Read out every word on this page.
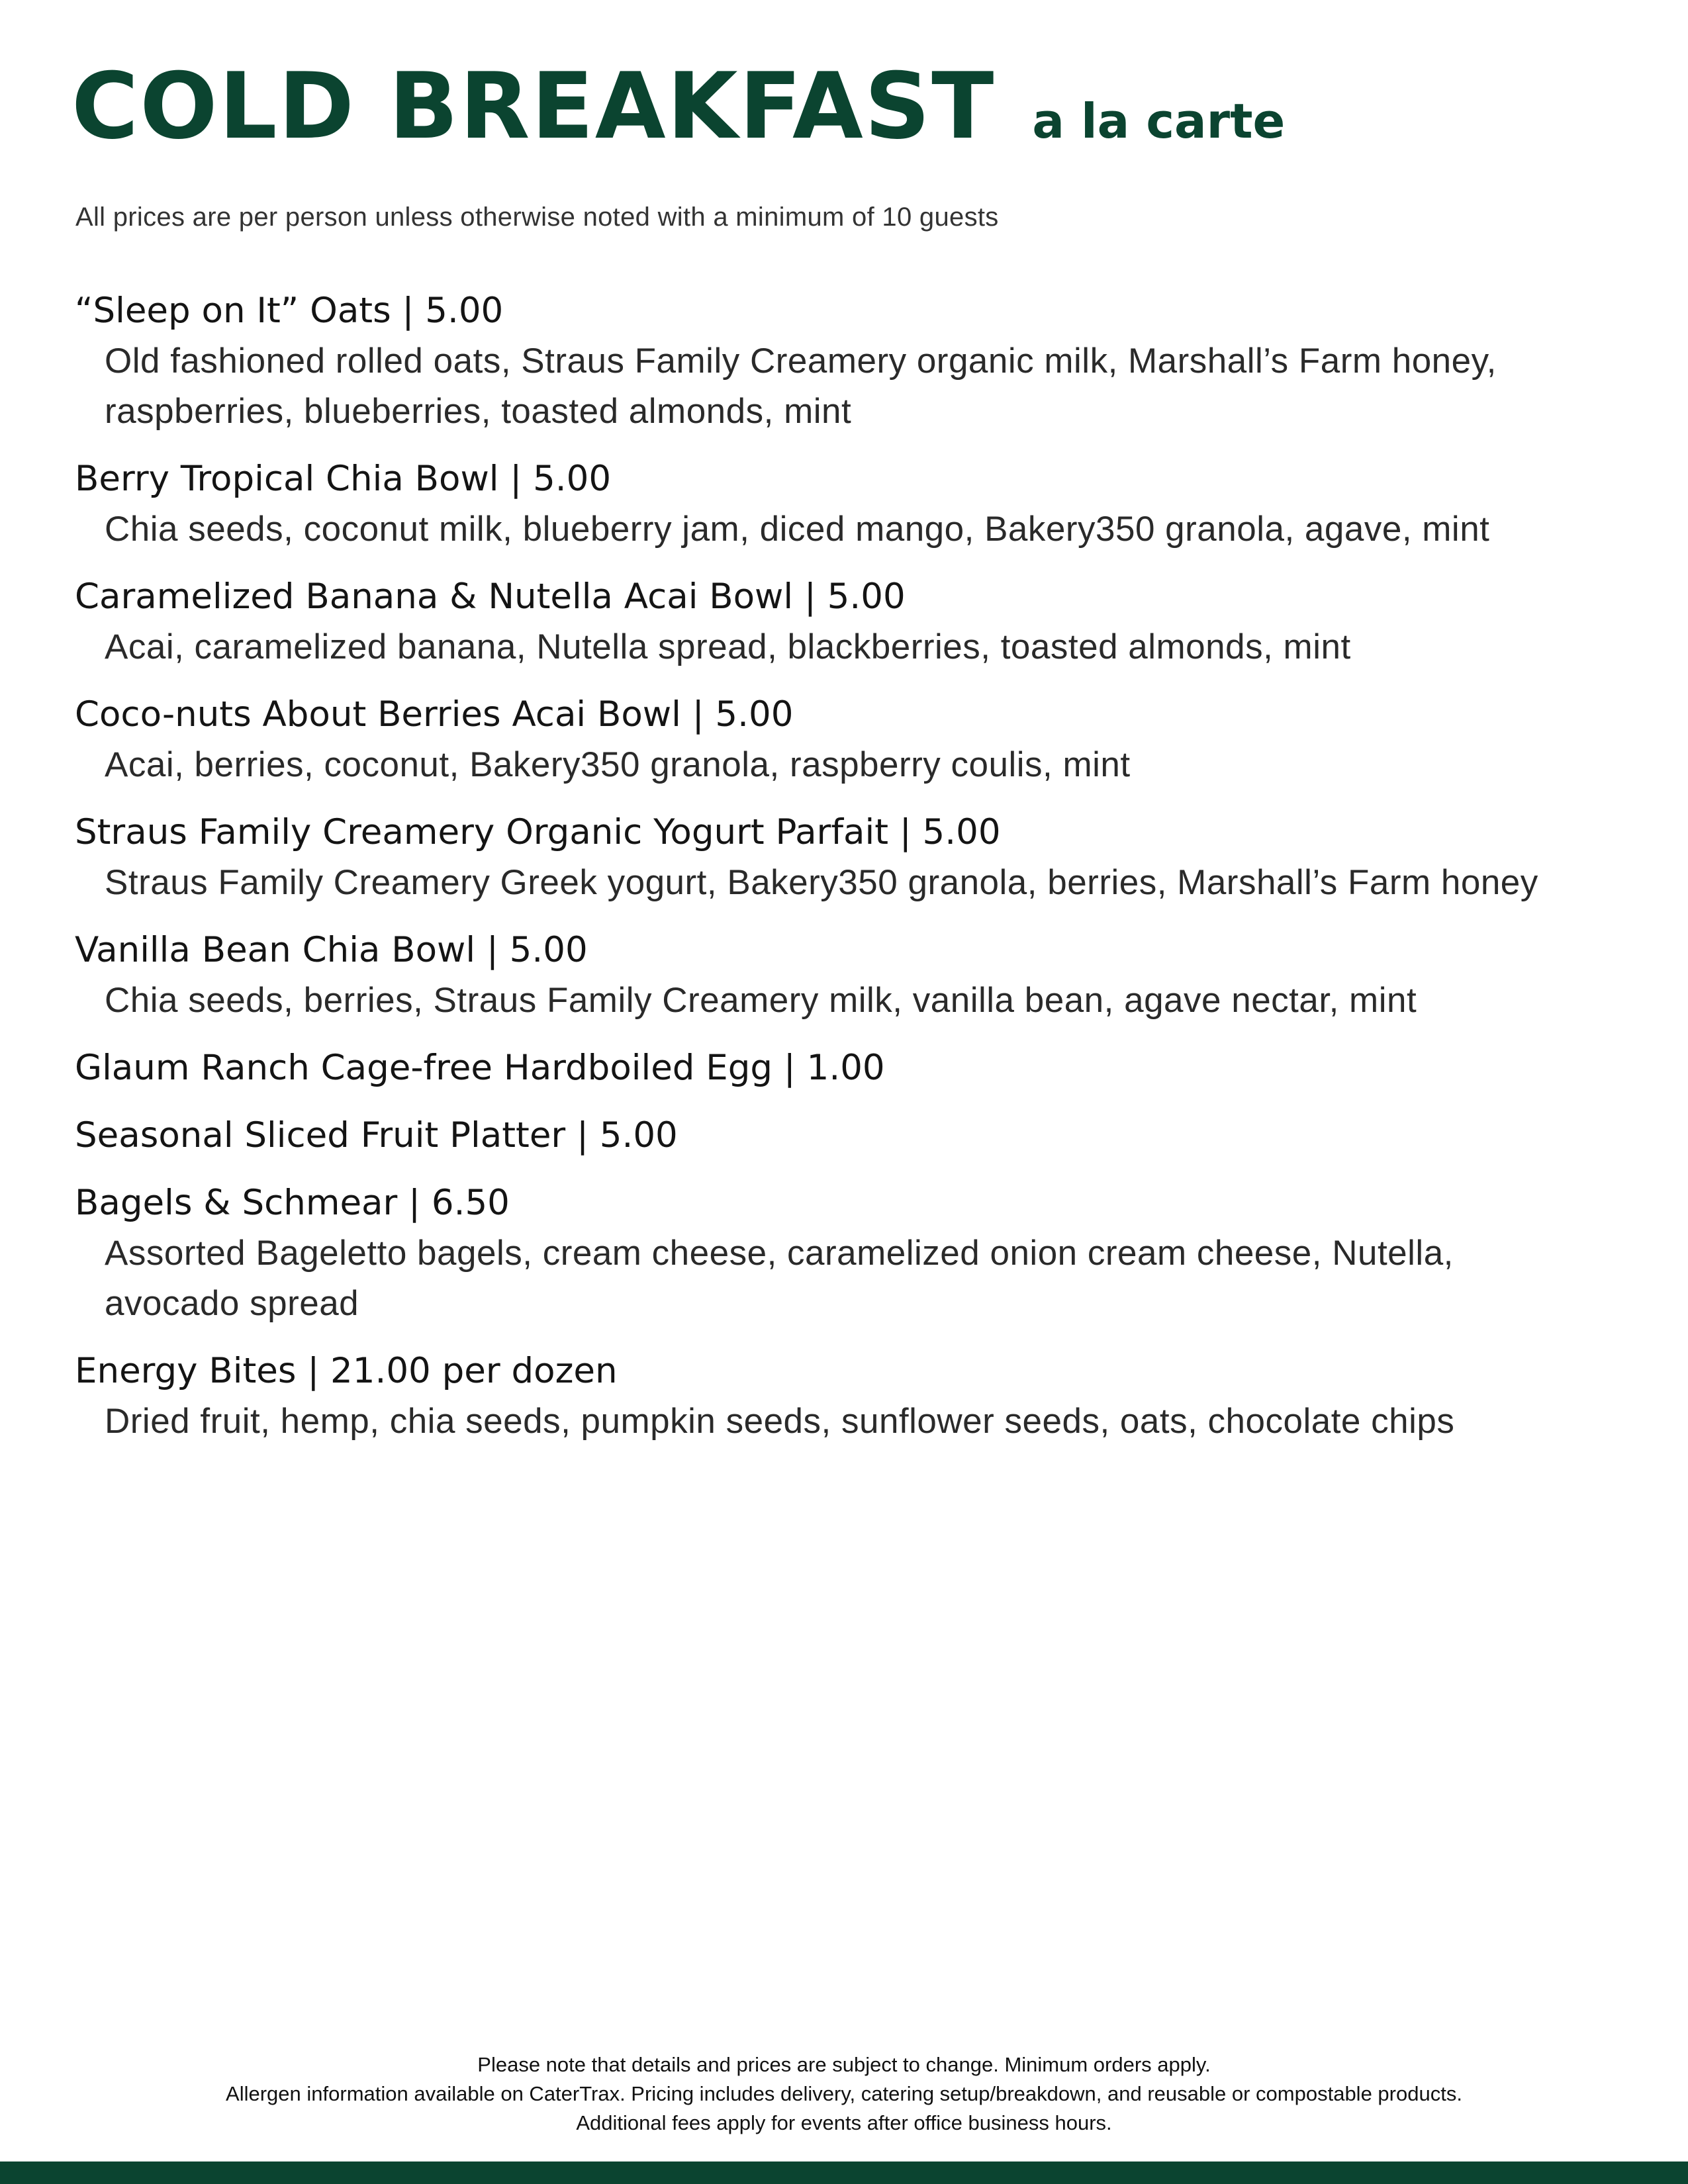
COLD BREAKFAST a la carte
All prices are per person unless otherwise noted with a minimum of 10 guests
“Sleep on It” Oats | 5.00
Old fashioned rolled oats, Straus Family Creamery organic milk, Marshall’s Farm honey, raspberries, blueberries, toasted almonds, mint
Berry Tropical Chia Bowl | 5.00
Chia seeds, coconut milk, blueberry jam, diced mango, Bakery350 granola, agave, mint
Caramelized Banana & Nutella Acai Bowl | 5.00
Acai, caramelized banana, Nutella spread, blackberries, toasted almonds, mint
Coco-nuts About Berries Acai Bowl | 5.00
Acai, berries, coconut, Bakery350 granola, raspberry coulis, mint
Straus Family Creamery Organic Yogurt Parfait | 5.00
Straus Family Creamery Greek yogurt, Bakery350 granola, berries, Marshall’s Farm honey
Vanilla Bean Chia Bowl | 5.00
Chia seeds, berries, Straus Family Creamery milk, vanilla bean, agave nectar, mint
Glaum Ranch Cage-free Hardboiled Egg | 1.00
Seasonal Sliced Fruit Platter | 5.00
Bagels & Schmear | 6.50
Assorted Bageletto bagels, cream cheese, caramelized onion cream cheese, Nutella, avocado spread
Energy Bites | 21.00 per dozen
Dried fruit, hemp, chia seeds, pumpkin seeds, sunflower seeds, oats, chocolate chips
Please note that details and prices are subject to change. Minimum orders apply.
Allergen information available on CaterTrax. Pricing includes delivery, catering setup/breakdown, and reusable or compostable products.
Additional fees apply for events after office business hours.
